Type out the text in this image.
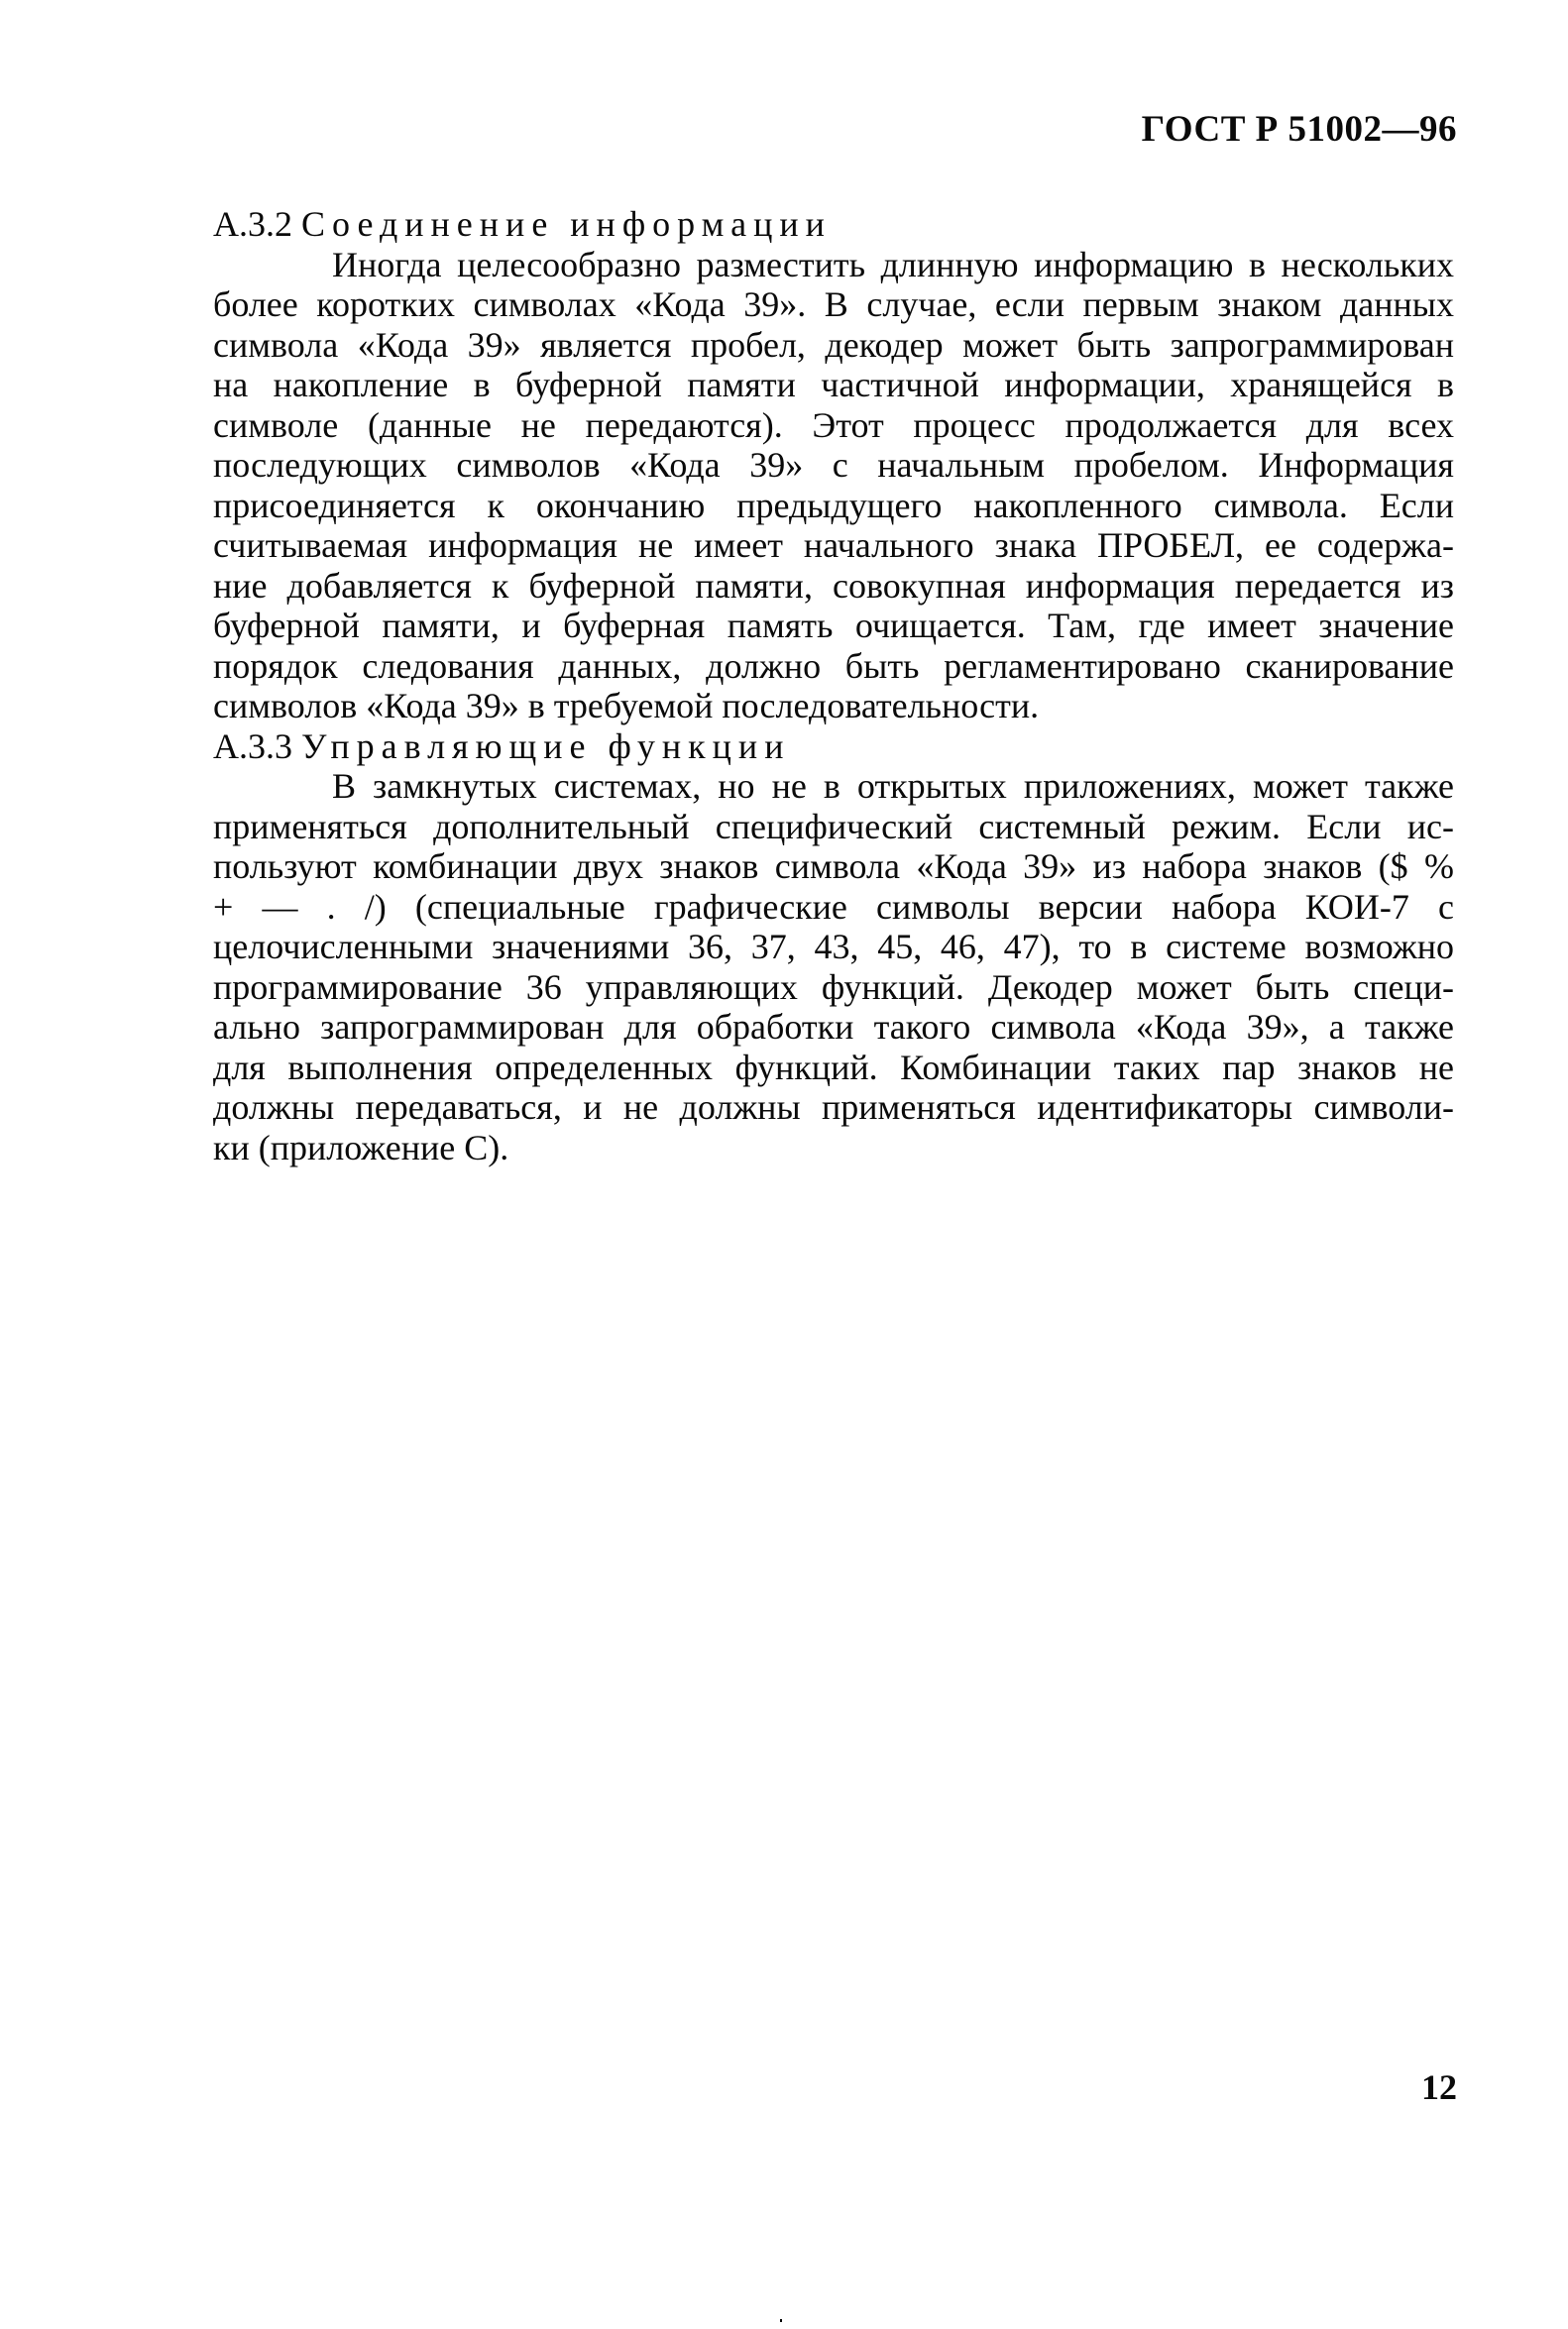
ГОСТ Р 51002—96
А.3.2 Соединение информации
Иногда целесообразно разместить длинную информацию в нескольких
более коротких символах «Кода 39». В случае, если первым знаком данных
символа «Кода 39» является пробел, декодер может быть запрограммирован
на накопление в буферной памяти частичной информации, хранящейся в
символе (данные не передаются). Этот процесс продолжается для всех
последующих символов «Кода 39» с начальным пробелом. Информация
присоединяется к окончанию предыдущего накопленного символа. Если
считываемая информация не имеет начального знака ПРОБЕЛ, ее содержа-
ние добавляется к буферной памяти, совокупная информация передается из
буферной памяти, и буферная память очищается. Там, где имеет значение
порядок следования данных, должно быть регламентировано сканирование
символов «Кода 39» в требуемой последовательности.
А.3.3 Управляющие функции
В замкнутых системах, но не в открытых приложениях, может также
применяться дополнительный специфический системный режим. Если ис-
пользуют комбинации двух знаков символа «Кода 39» из набора знаков ($ %
+ — . /) (специальные графические символы версии набора КОИ-7 с
целочисленными значениями 36, 37, 43, 45, 46, 47), то в системе возможно
программирование 36 управляющих функций. Декодер может быть специ-
ально запрограммирован для обработки такого символа «Кода 39», а также
для выполнения определенных функций. Комбинации таких пар знаков не
должны передаваться, и не должны применяться идентификаторы символи-
ки (приложение С).
12
